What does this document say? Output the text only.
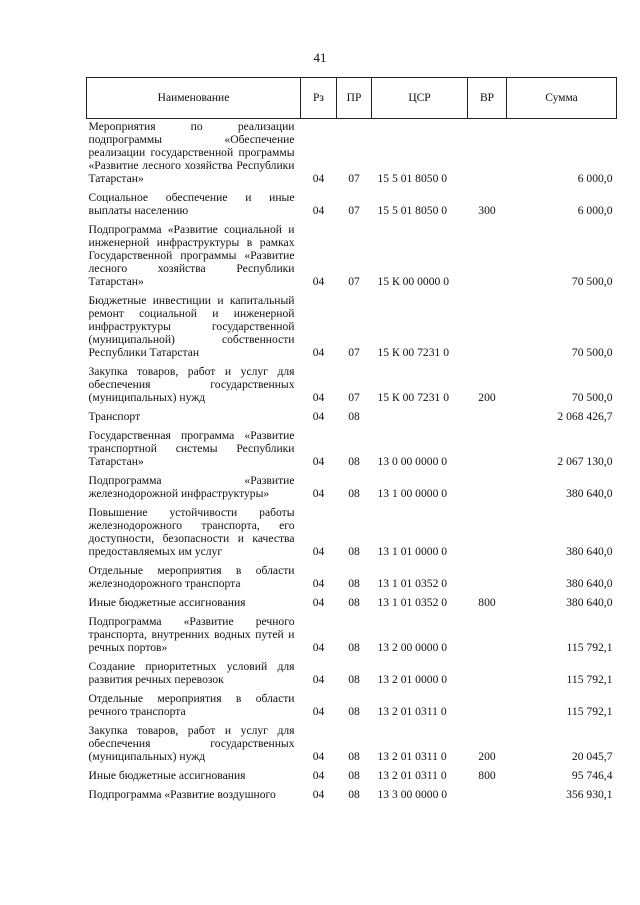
41
Наименование	Рз	ПР	ЦСР	ВР	Сумма
Мероприятия по реализации подпрограммы «Обеспечение реализации государственной программы «Развитие лесного хозяйства Республики Татарстан»	04	07	15 5 01 8050 0		6 000,0
Социальное обеспечение и иные выплаты населению	04	07	15 5 01 8050 0	300	6 000,0
Подпрограмма «Развитие социальной и инженерной инфраструктуры в рамках Государственной программы «Развитие лесного хозяйства Республики Татарстан»	04	07	15 К 00 0000 0		70 500,0
Бюджетные инвестиции и капитальный ремонт социальной и инженерной инфраструктуры государственной (муниципальной) собственности Республики Татарстан	04	07	15 К 00 7231 0		70 500,0
Закупка товаров, работ и услуг для обеспечения государственных (муниципальных) нужд	04	07	15 К 00 7231 0	200	70 500,0
Транспорт	04	08			2 068 426,7
Государственная программа «Развитие транспортной системы Республики Татарстан»	04	08	13 0 00 0000 0		2 067 130,0
Подпрограмма «Развитие железнодорожной инфраструктуры»	04	08	13 1 00 0000 0		380 640,0
Повышение устойчивости работы железнодорожного транспорта, его доступности, безопасности и качества предоставляемых им услуг	04	08	13 1 01 0000 0		380 640,0
Отдельные мероприятия в области железнодорожного транспорта	04	08	13 1 01 0352 0		380 640,0
Иные бюджетные ассигнования	04	08	13 1 01 0352 0	800	380 640,0
Подпрограмма «Развитие речного транспорта, внутренних водных путей и речных портов»	04	08	13 2 00 0000 0		115 792,1
Создание приоритетных условий для развития речных перевозок	04	08	13 2 01 0000 0		115 792,1
Отдельные мероприятия в области речного транспорта	04	08	13 2 01 0311 0		115 792,1
Закупка товаров, работ и услуг для обеспечения государственных (муниципальных) нужд	04	08	13 2 01 0311 0	200	20 045,7
Иные бюджетные ассигнования	04	08	13 2 01 0311 0	800	95 746,4
Подпрограмма «Развитие воздушного	04	08	13 3 00 0000 0		356 930,1
